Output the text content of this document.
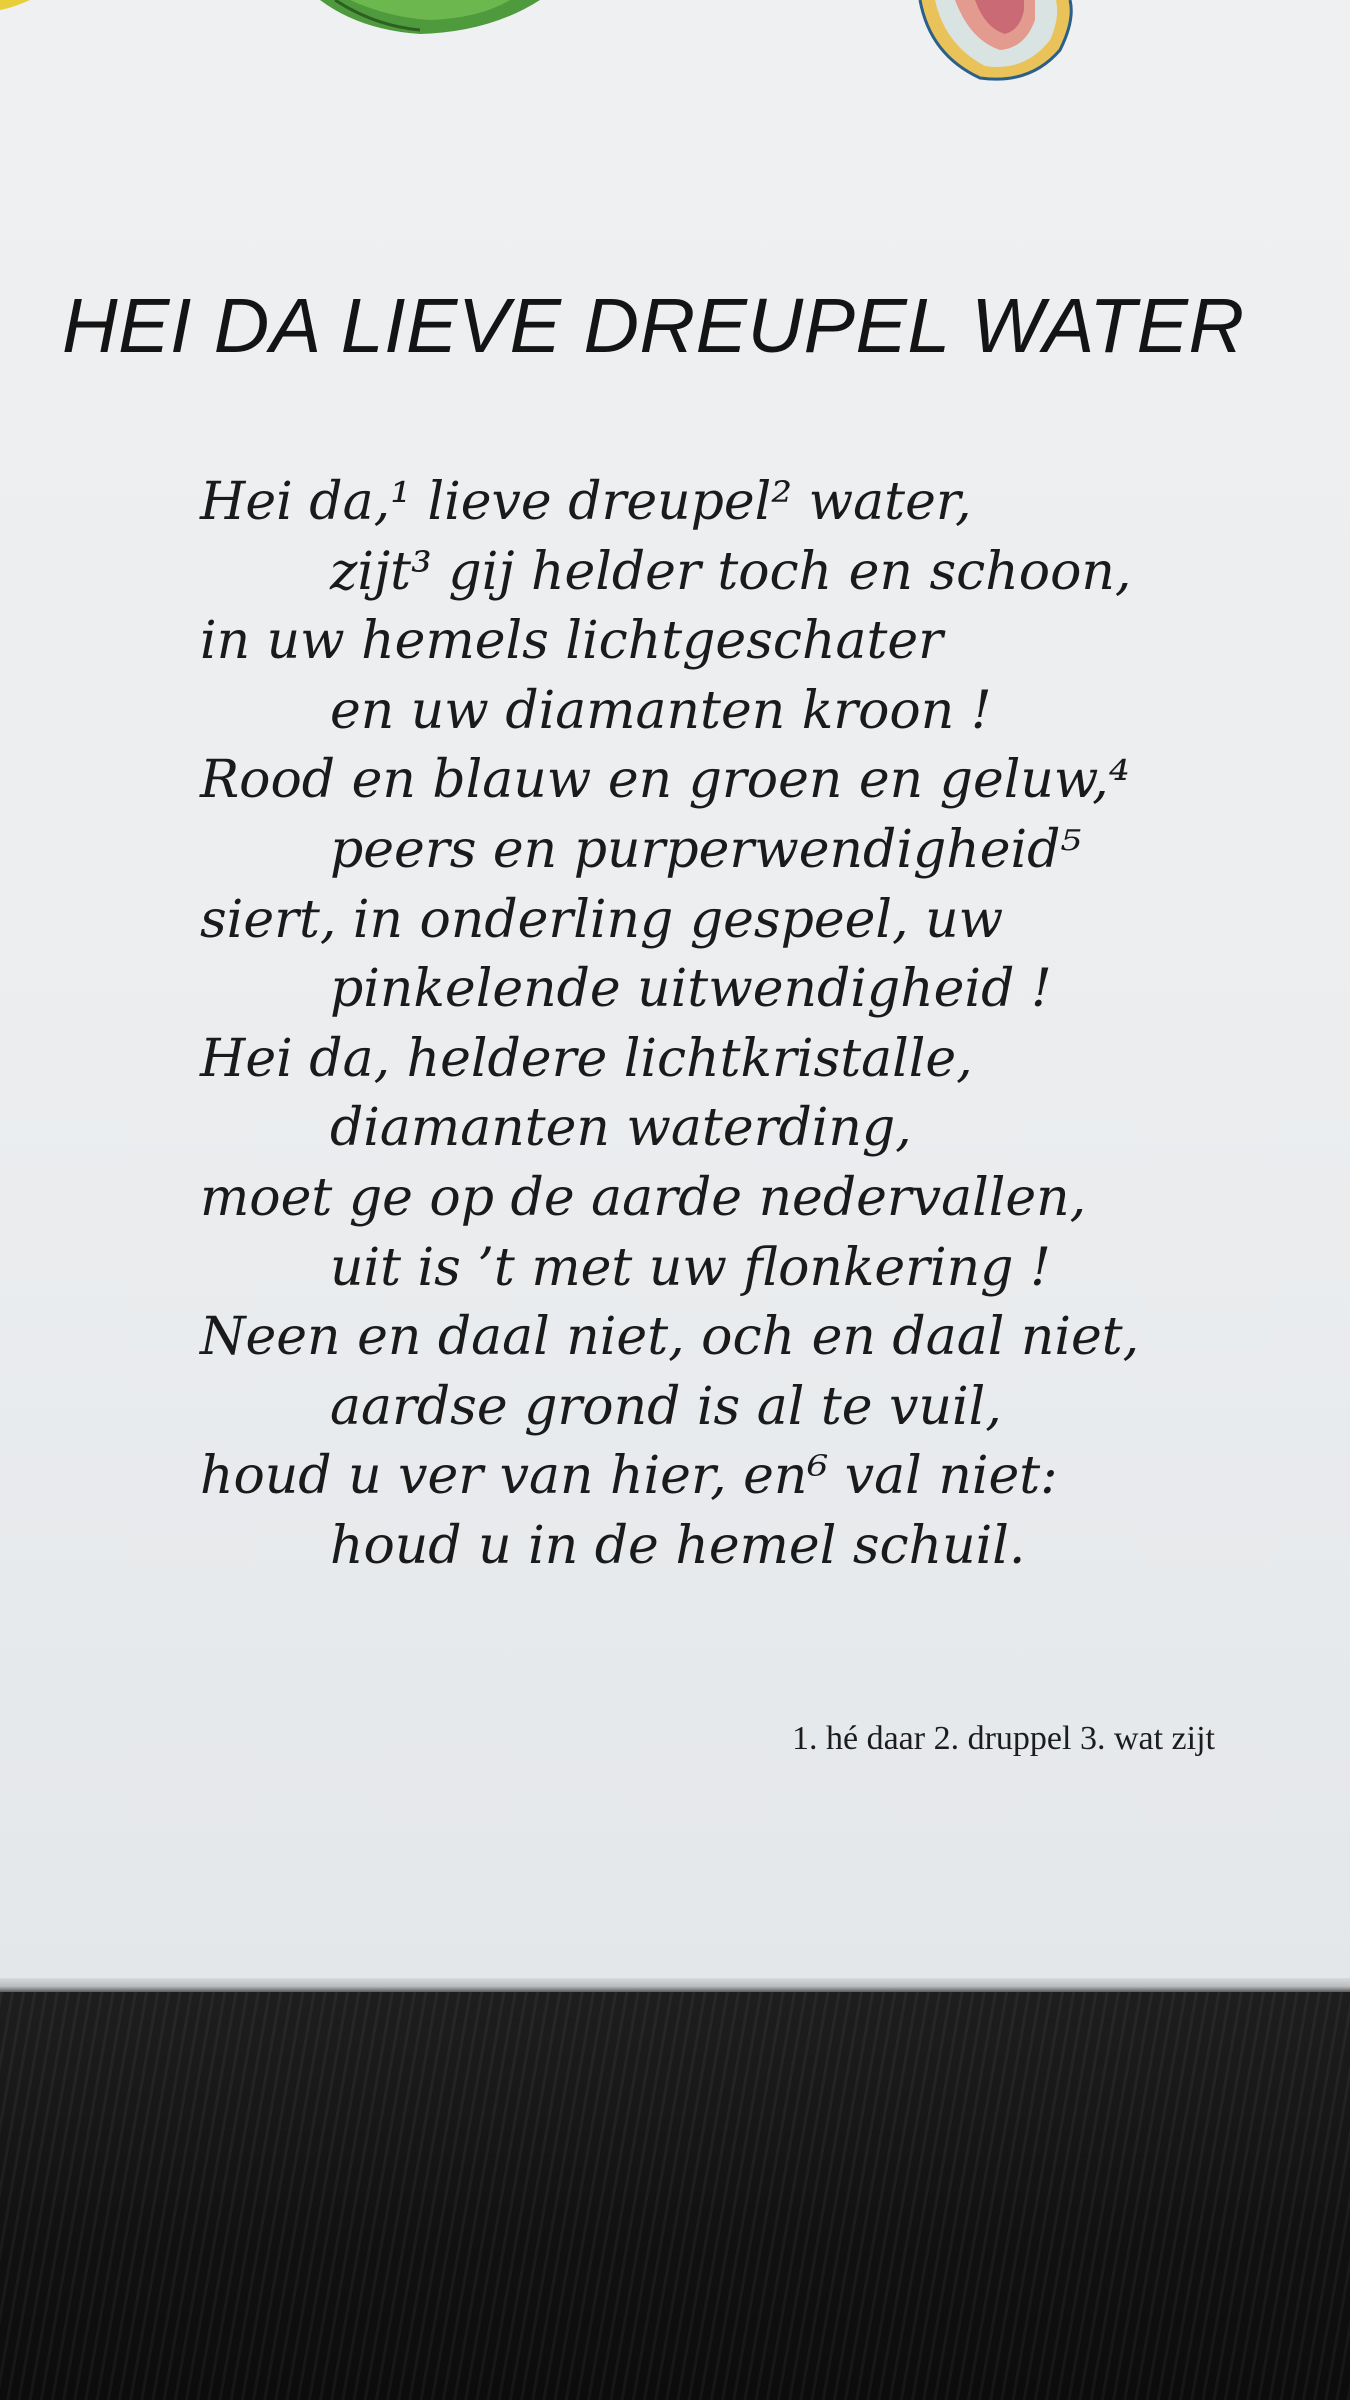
HEI DA LIEVE DREUPEL WATER
Hei da,¹ lieve dreupel² water,
zijt³ gij helder toch en schoon,
in uw hemels lichtgeschater
en uw diamanten kroon !
Rood en blauw en groen en geluw,⁴
peers en purperwendigheid⁵
siert, in onderling gespeel, uw
pinkelende uitwendigheid !
Hei da, heldere lichtkristalle,
diamanten waterding,
moet ge op de aarde nedervallen,
uit is ’t met uw flonkering !
Neen en daal niet, och en daal niet,
aardse grond is al te vuil,
houd u ver van hier, en⁶ val niet:
houd u in de hemel schuil.
1. hé daar 2. druppel 3. wat zijt
